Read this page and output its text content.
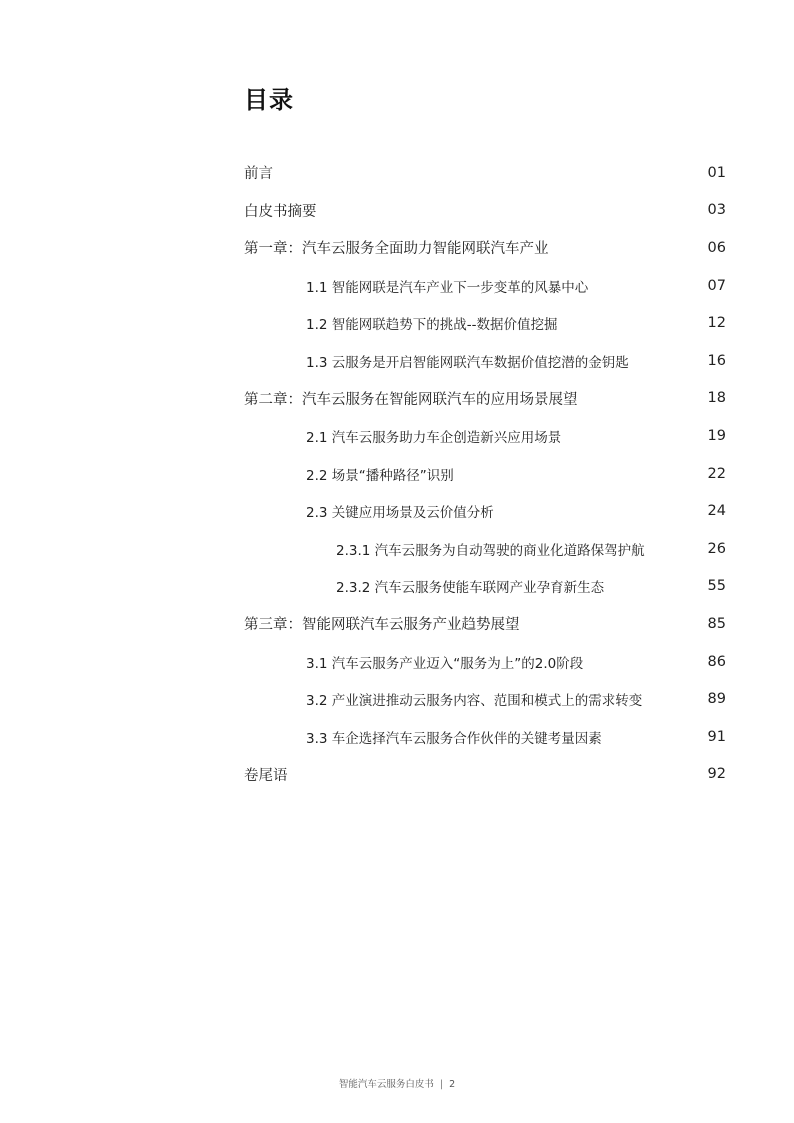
目录
前言	01
白皮书摘要	03
第一章：汽车云服务全面助力智能网联汽车产业	06
1.1 智能网联是汽车产业下一步变革的风暴中心	07
1.2 智能网联趋势下的挑战--数据价值挖掘	12
1.3 云服务是开启智能网联汽车数据价值挖潜的金钥匙	16
第二章：汽车云服务在智能网联汽车的应用场景展望	18
2.1 汽车云服务助力车企创造新兴应用场景	19
2.2 场景“播种路径”识别	22
2.3 关键应用场景及云价值分析	24
2.3.1 汽车云服务为自动驾驶的商业化道路保驾护航	26
2.3.2 汽车云服务使能车联网产业孕育新生态	55
第三章：智能网联汽车云服务产业趋势展望	85
3.1 汽车云服务产业迈入“服务为上”的2.0阶段	86
3.2 产业演进推动云服务内容、范围和模式上的需求转变	89
3.3 车企选择汽车云服务合作伙伴的关键考量因素	91
卷尾语	92
智能汽车云服务白皮书 | 2
